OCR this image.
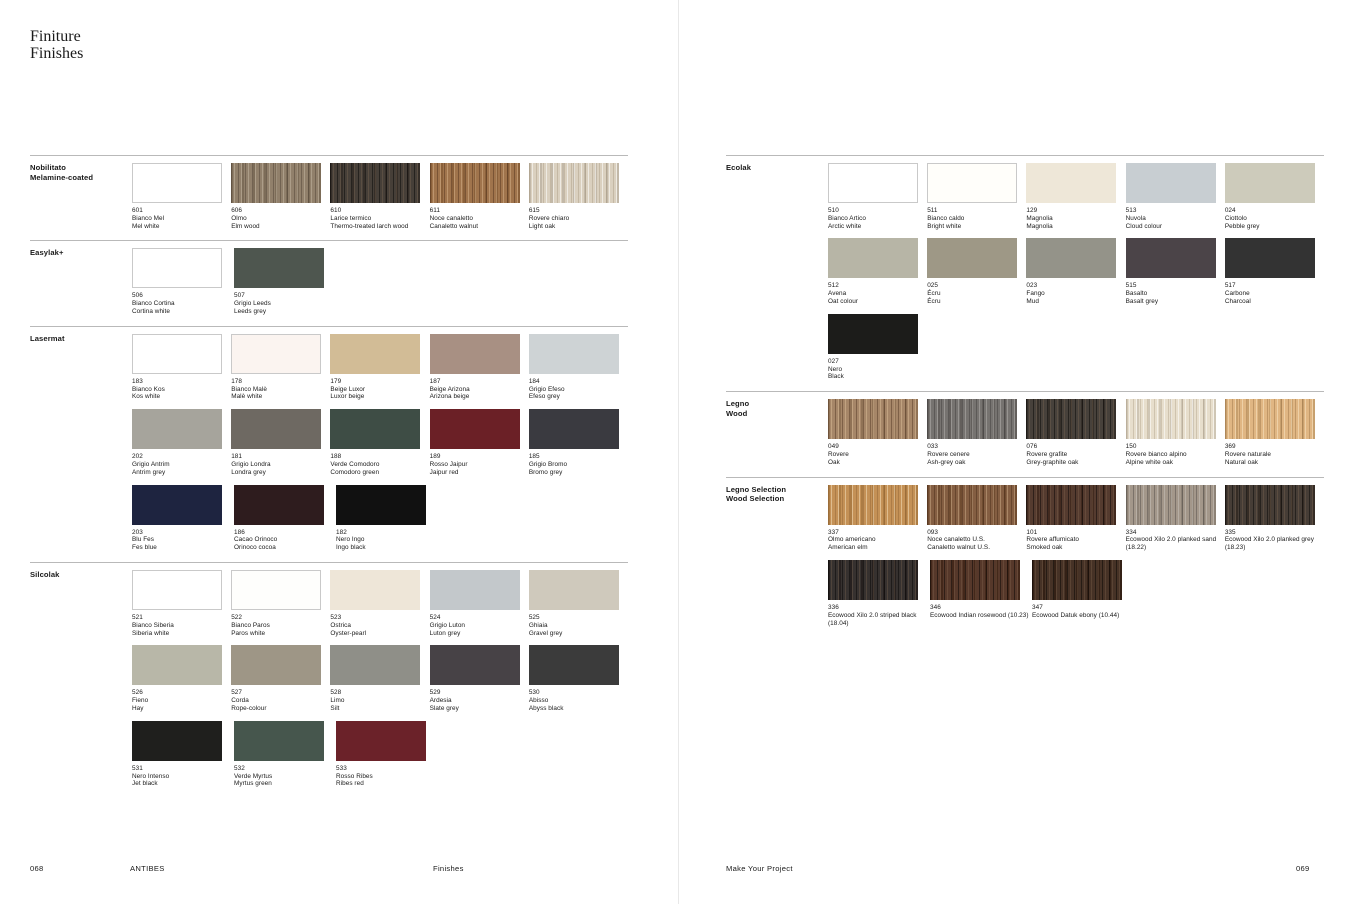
Finiture
Finishes
Nobilitato
Melamine-coated
601
Bianco Mel
Mel white
606
Olmo
Elm wood
610
Larice termico
Thermo-treated larch wood
611
Noce canaletto
Canaletto walnut
615
Rovere chiaro
Light oak
Easylak+
506
Bianco Cortina
Cortina white
507
Grigio Leeds
Leeds grey
Lasermat
183
Bianco Kos
Kos white
178
Bianco Malè
Malè white
179
Beige Luxor
Luxor beige
187
Beige Arizona
Arizona beige
184
Grigio Efeso
Efeso grey
202
Grigio Antrim
Antrim grey
181
Grigio Londra
Londra grey
188
Verde Comodoro
Comodoro green
189
Rosso Jaipur
Jaipur red
185
Grigio Bromo
Bromo grey
203
Blu Fes
Fes blue
186
Cacao Orinoco
Orinoco cocoa
182
Nero Ingo
Ingo black
Silcolak
521
Bianco Siberia
Siberia white
522
Bianco Paros
Paros white
523
Ostrica
Oyster-pearl
524
Grigio Luton
Luton grey
525
Ghiaia
Gravel grey
526
Fieno
Hay
527
Corda
Rope-colour
528
Limo
Silt
529
Ardesia
Slate grey
530
Abisso
Abyss black
531
Nero Intenso
Jet black
532
Verde Myrtus
Myrtus green
533
Rosso Ribes
Ribes red
Ecolak
510
Bianco Artico
Arctic white
511
Bianco caldo
Bright white
129
Magnolia
Magnolia
513
Nuvola
Cloud colour
024
Ciottolo
Pebble grey
512
Avena
Oat colour
025
Écru
Écru
023
Fango
Mud
515
Basalto
Basalt grey
517
Carbone
Charcoal
027
Nero
Black
Legno
Wood
049
Rovere
Oak
033
Rovere cenere
Ash-grey oak
076
Rovere grafite
Grey-graphite oak
150
Rovere bianco alpino
Alpine white oak
369
Rovere naturale
Natural oak
Legno Selection
Wood Selection
337
Olmo americano
American elm
093
Noce canaletto U.S.
Canaletto walnut U.S.
101
Rovere affumicato
Smoked oak
334
Ecowood Xilo 2.0 planked sand (18.22)
335
Ecowood Xilo 2.0 planked grey (18.23)
336
Ecowood Xilo 2.0 striped black (18.04)
346
Ecowood Indian rosewood (10.23)
347
Ecowood Datuk ebony (10.44)
068	ANTIBES	Finishes	Make Your Project	069
